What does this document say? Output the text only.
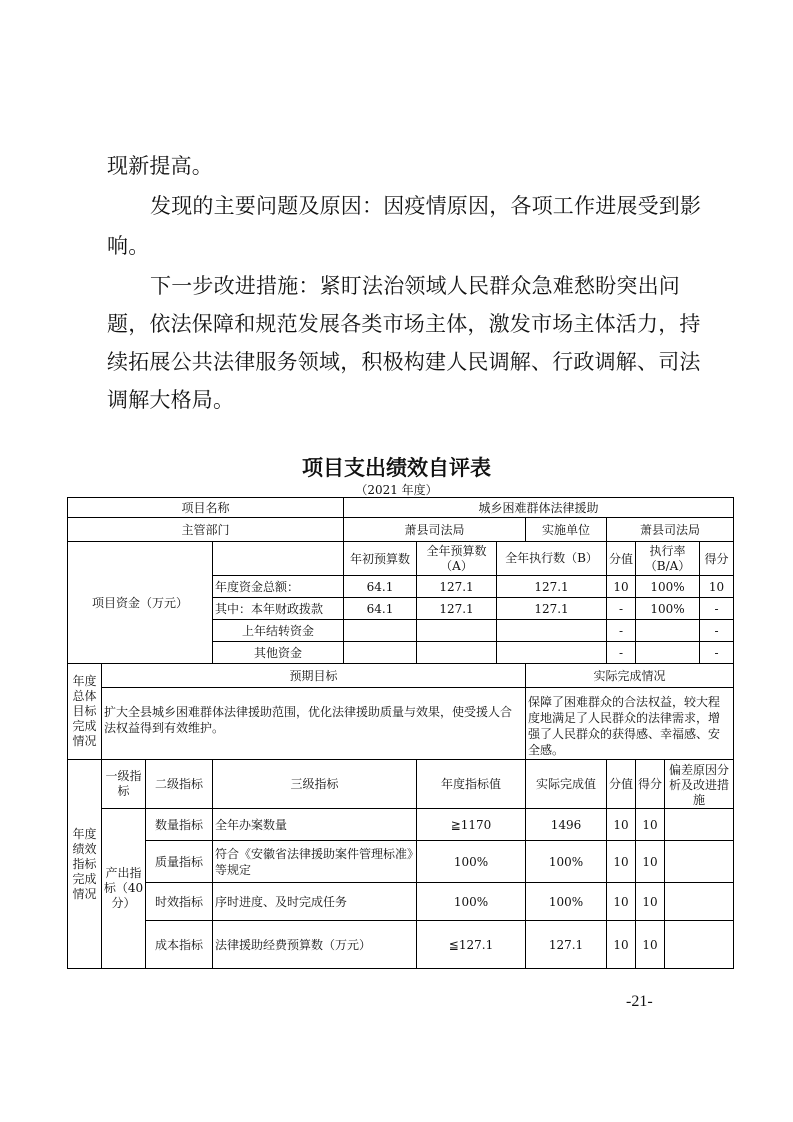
现新提高。

发现的主要问题及原因：因疫情原因，各项工作进展受到影

响。

下一步改进措施：紧盯法治领域人民群众急难愁盼突出问

题，依法保障和规范发展各类市场主体，激发市场主体活力，持

续拓展公共法律服务领域，积极构建人民调解、行政调解、司法

调解大格局。

项目支出绩效自评表
（2021 年度）
项目名称				城乡困难群体法律援助							
主管部门				萧县司法局			实施单位	萧县司法局			
项目资金（万元）				年初预算数	全年预算数（A）	全年执行数（B）		分值	执行率（B/A）		得分
			年度资金总额：	64.1	127.1	127.1		10	100%		10
			其中：本年财政拨款	64.1	127.1	127.1		-	100%		-
			上年结转资金					-			-
			其他资金					-			-
年度总体目标完成情况	预期目标						实际完成情况				
	扩大全县城乡困难群体法律援助范围，优化法律援助质量与效果，使受援人合法权益得到有效维护。						保障了困难群众的合法权益，较大程度地满足了人民群众的法律需求，增强了人民群众的获得感、幸福感、安全感。				
年度绩效指标完成情况	一级指标	二级指标	三级指标		年度指标值		实际完成值	分值	得分	偏差原因分析及改进措施	
	产出指标（40分）	数量指标	全年办案数量		≧1170		1496	10	10		
		质量指标	符合《安徽省法律援助案件管理标准》等规定		100%		100%	10	10		
		时效指标	序时进度、及时完成任务		100%		100%	10	10		
		成本指标	法律援助经费预算数（万元）		≦127.1		127.1	10	10		
-21-
